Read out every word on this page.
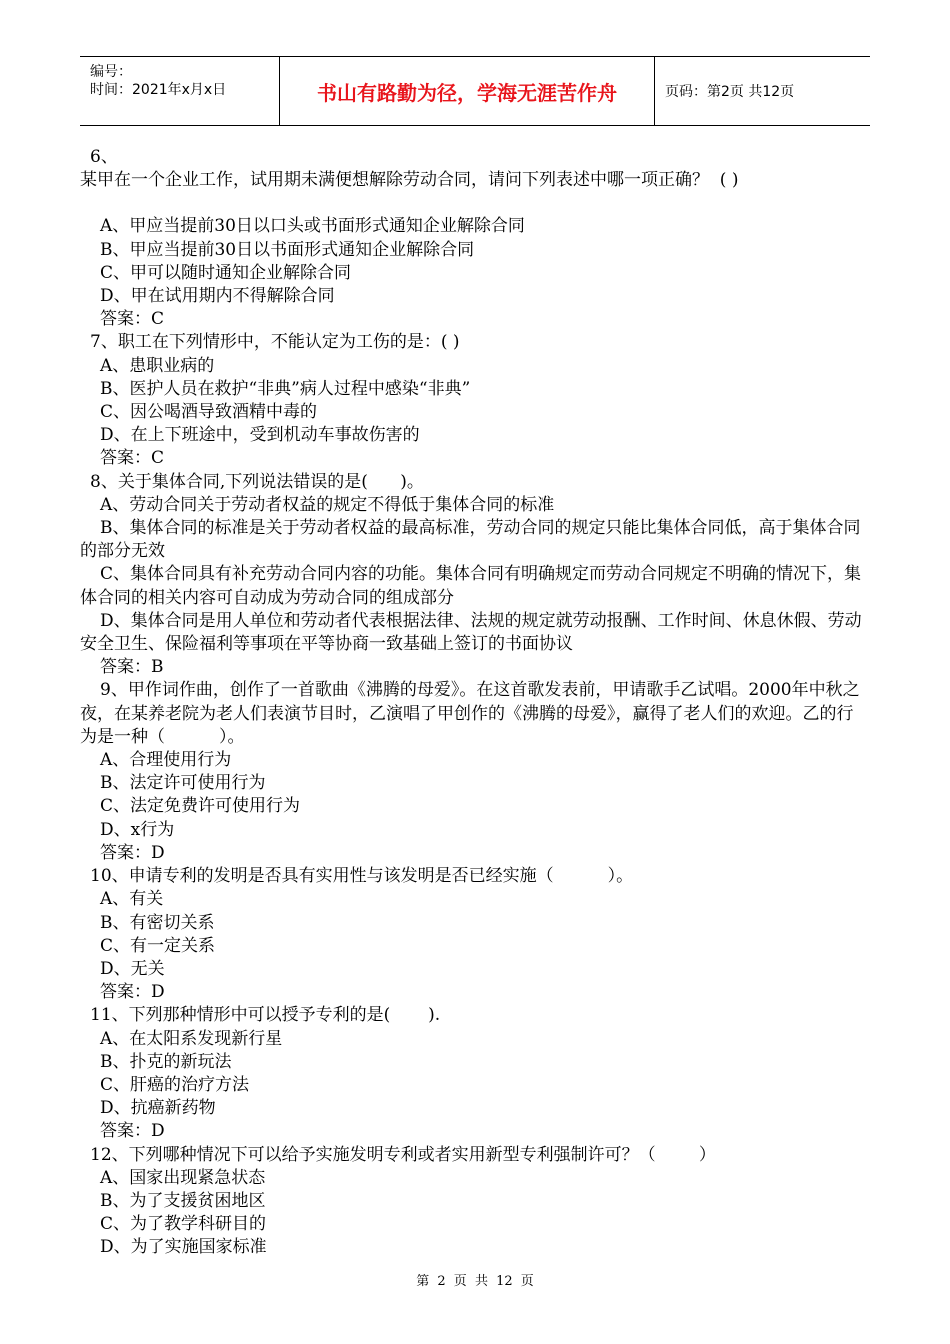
编号：
时间：2021年x月x日	书山有路勤为径，学海无涯苦作舟	页码：第2页 共12页
6、
某甲在一个企业工作，试用期未满便想解除劳动合同，请问下列表述中哪一项正确？  ( )
A、甲应当提前30日以口头或书面形式通知企业解除合同
B、甲应当提前30日以书面形式通知企业解除合同
C、甲可以随时通知企业解除合同
D、甲在试用期内不得解除合同
答案：C
7、职工在下列情形中，不能认定为工伤的是：( )
A、患职业病的
B、医护人员在救护“非典”病人过程中感染“非典”
C、因公喝酒导致酒精中毒的
D、在上下班途中，受到机动车事故伤害的
答案：C
8、关于集体合同,下列说法错误的是(      )。
A、劳动合同关于劳动者权益的规定不得低于集体合同的标准
B、集体合同的标准是关于劳动者权益的最高标准，劳动合同的规定只能比集体合同低，高于集体合同的部分无效
C、集体合同具有补充劳动合同内容的功能。集体合同有明确规定而劳动合同规定不明确的情况下，集体合同的相关内容可自动成为劳动合同的组成部分
D、集体合同是用人单位和劳动者代表根据法律、法规的规定就劳动报酬、工作时间、休息休假、劳动安全卫生、保险福利等事项在平等协商一致基础上签订的书面协议
答案：B
9、甲作词作曲，创作了一首歌曲《沸腾的母爱》。在这首歌发表前，甲请歌手乙试唱。2000年中秋之夜，在某养老院为老人们表演节目时，乙演唱了甲创作的《沸腾的母爱》，赢得了老人们的欢迎。乙的行为是一种（          ）。
A、合理使用行为
B、法定许可使用行为
C、法定免费许可使用行为
D、x行为
答案：D
10、申请专利的发明是否具有实用性与该发明是否已经实施（          ）。
A、有关
B、有密切关系
C、有一定关系
D、无关
答案：D
11、下列那种情形中可以授予专利的是(       ).
A、在太阳系发现新行星
B、扑克的新玩法
C、肝癌的治疗方法
D、抗癌新药物
答案：D
12、下列哪种情况下可以给予实施发明专利或者实用新型专利强制许可？（        ）
A、国家出现紧急状态
B、为了支援贫困地区
C、为了教学科研目的
D、为了实施国家标准
第 2 页 共 12 页
